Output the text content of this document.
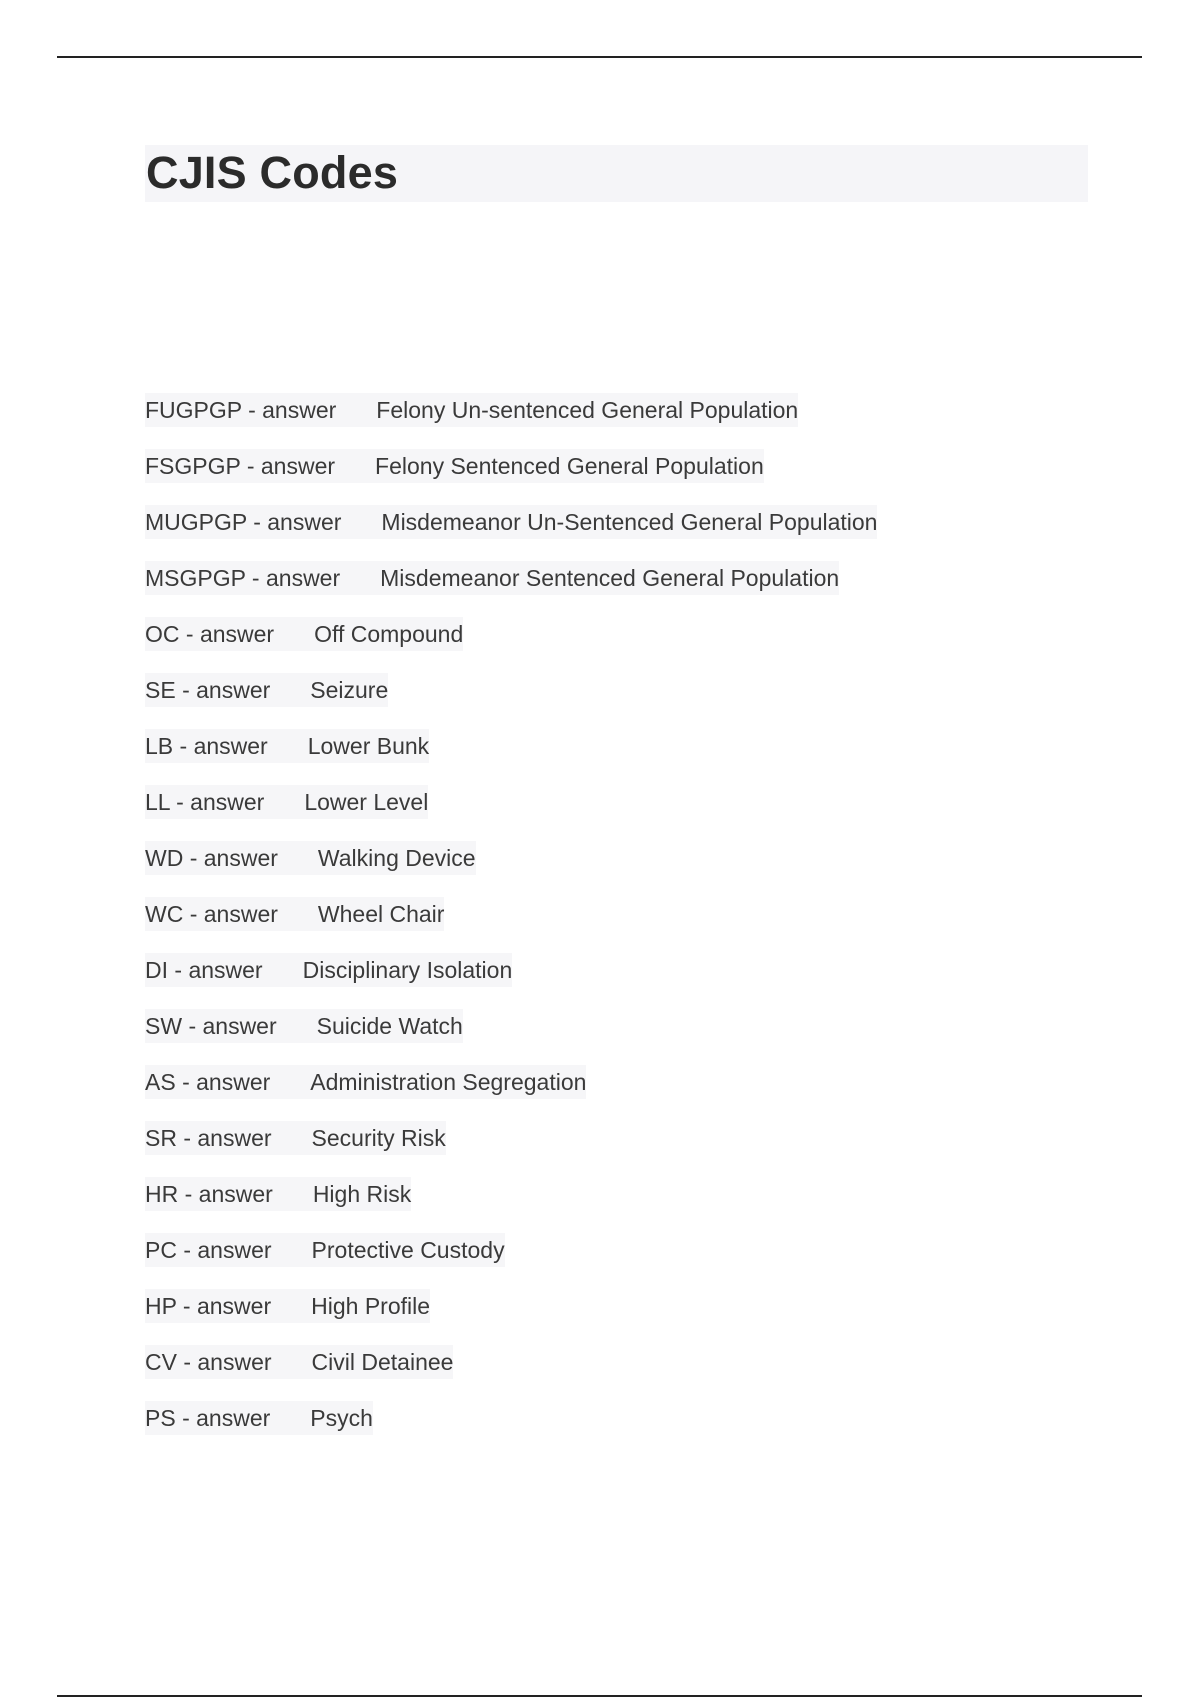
CJIS Codes
FUGPGP - answer	Felony Un-sentenced General Population
FSGPGP - answer	Felony Sentenced General Population
MUGPGP - answer	Misdemeanor Un-Sentenced General Population
MSGPGP - answer	Misdemeanor Sentenced General Population
OC - answer	Off Compound
SE - answer	Seizure
LB - answer	Lower Bunk
LL - answer	Lower Level
WD - answer	Walking Device
WC - answer	Wheel Chair
DI - answer	Disciplinary Isolation
SW - answer	Suicide Watch
AS - answer	Administration Segregation
SR - answer	Security Risk
HR - answer	High Risk
PC - answer	Protective Custody
HP - answer	High Profile
CV - answer	Civil Detainee
PS - answer	Psych
